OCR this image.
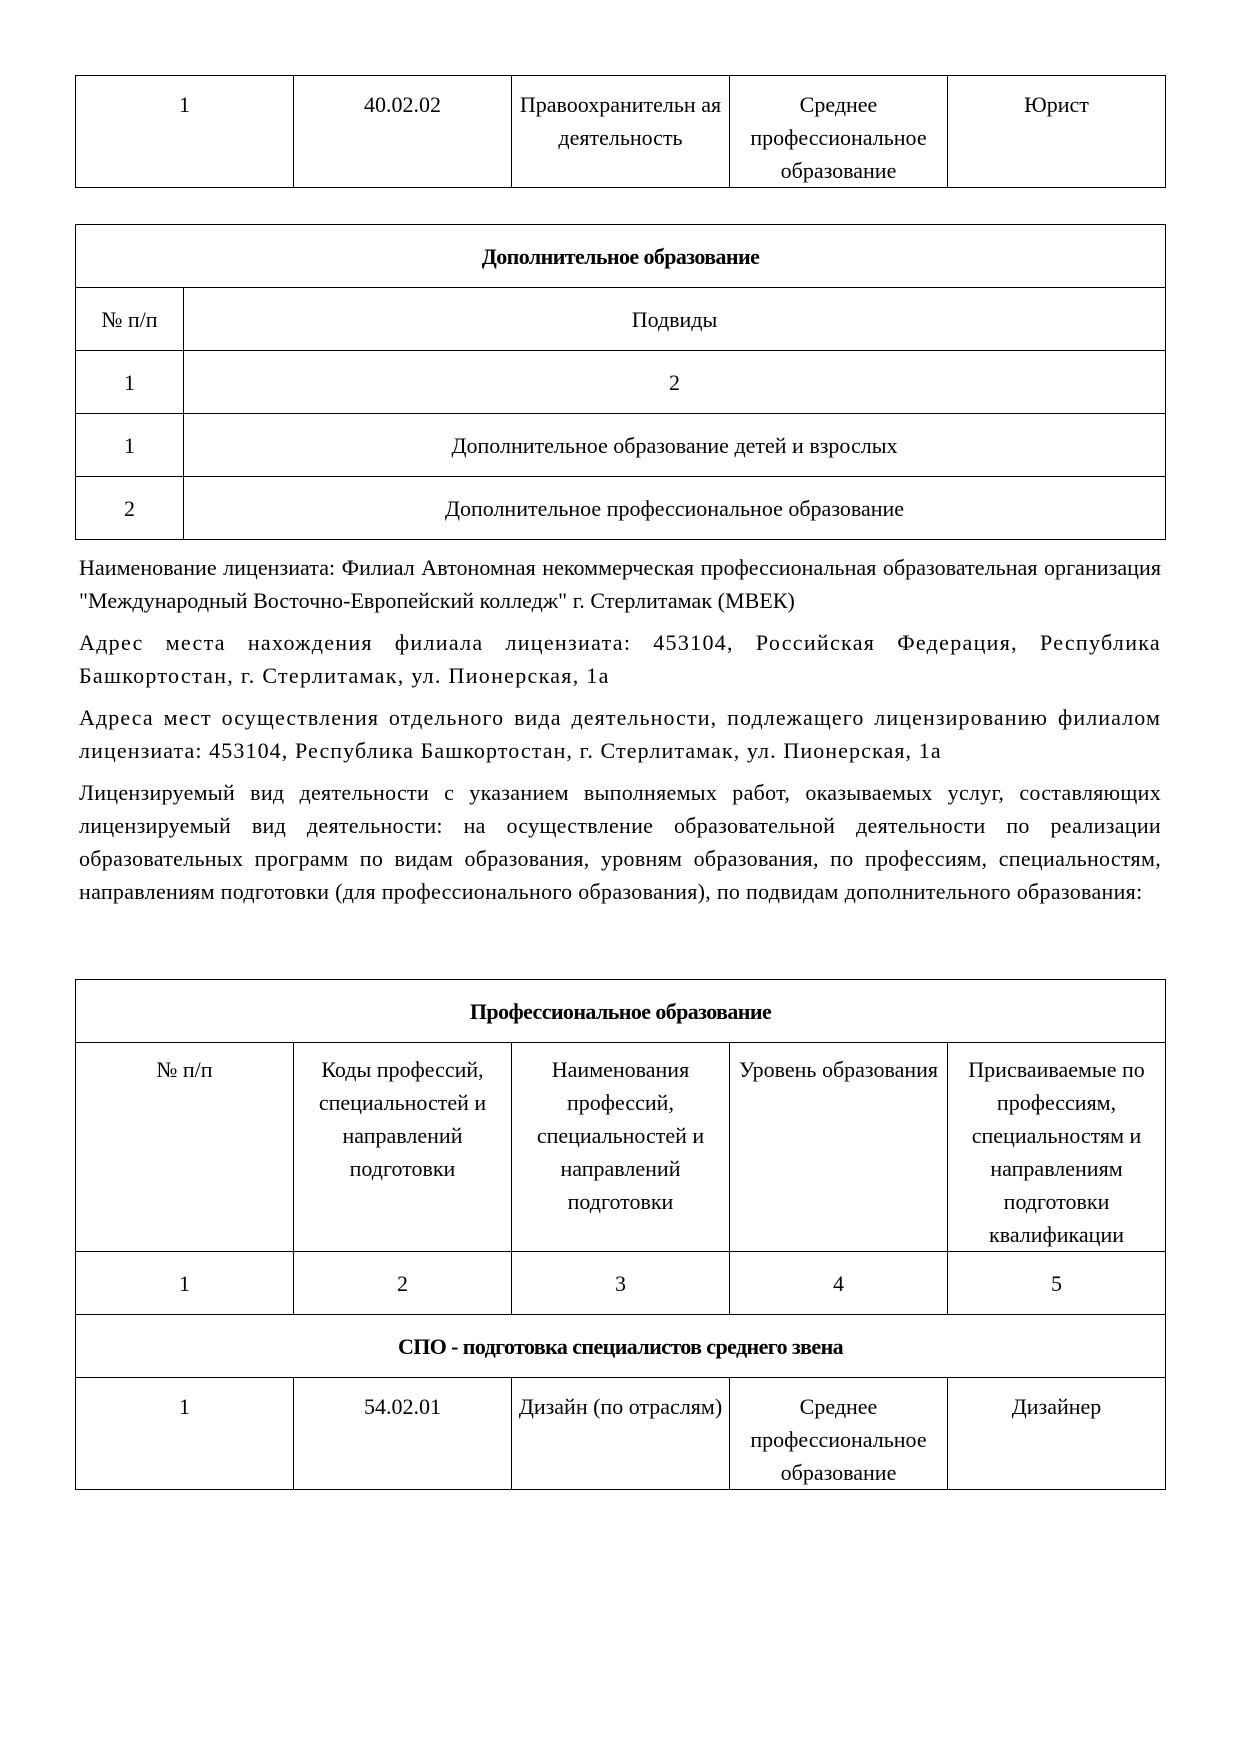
1	40.02.02	Правоохранительн ая деятельность	Среднее профессиональное образование	Юрист
Дополнительное образование	
№ п/п	Подвиды
1	2
1	Дополнительное образование детей и взрослых
2	Дополнительное профессиональное образование

Наименование лицензиата: Филиал Автономная некоммерческая профессиональная образовательная организация "Международный Восточно-Европейский колледж" г. Стерлитамак (МВЕК)

Адрес места нахождения филиала лицензиата: 453104, Российская Федерация, Республика Башкортостан, г. Стерлитамак, ул. Пионерская, 1а

Адреса мест осуществления отдельного вида деятельности, подлежащего лицензированию филиалом лицензиата: 453104, Республика Башкортостан, г. Стерлитамак, ул. Пионерская, 1а

Лицензируемый вид деятельности с указанием выполняемых работ, оказываемых услуг, составляющих лицензируемый вид деятельности: на осуществление образовательной деятельности по реализации образовательных программ по видам образования, уровням образования, по профессиям, специальностям, направлениям подготовки (для профессионального образования), по подвидам дополнительного образования:

Профессиональное образование				
№ п/п	Коды профессий, специальностей и направлений подготовки	Наименования профессий, специальностей и направлений подготовки	Уровень образования	Присваиваемые по профессиям, специальностям и направлениям подготовки квалификации
1	2	3	4	5
СПО - подготовка специалистов среднего звена				
1	54.02.01	Дизайн (по отраслям)	Среднее профессиональное образование	Дизайнер
